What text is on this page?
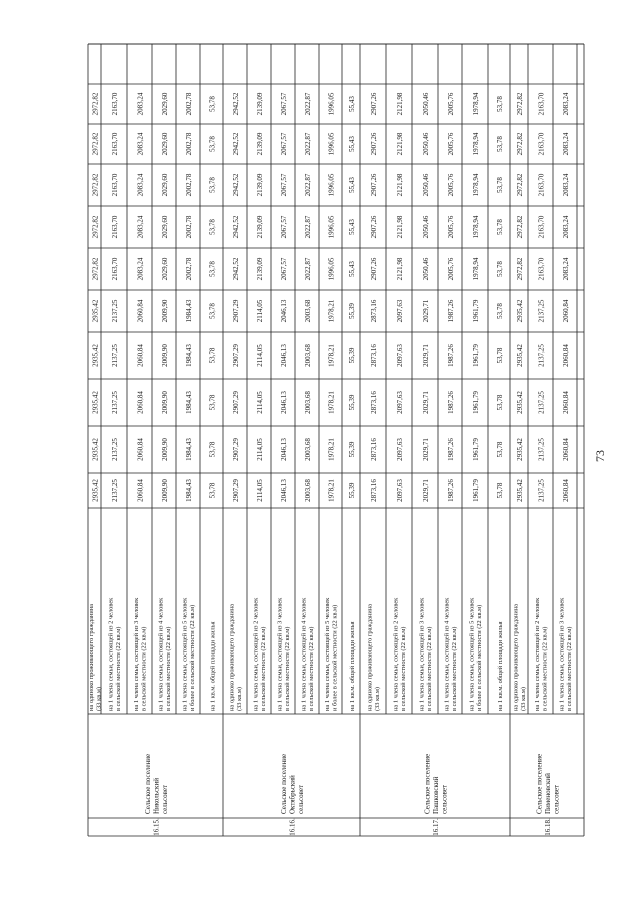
на одиноко проживающего гражданина (33 кв.м)
2935,42
2935,42
2935,42
2935,42
2935,42
2972,82
2972,82
2972,82
2972,82
2972,82
на 1 члена семьи, состоящей из 2 человек в сельской местности (22 кв.м)
2137,25
2137,25
2137,25
2137,25
2137,25
2163,70
2163,70
2163,70
2163,70
2163,70
на 1 члена семьи, состоящей из 3 человек в сельской местности (22 кв.м)
2060,84
2060,84
2060,84
2060,84
2060,84
2083,24
2083,24
2083,24
2083,24
2083,24
на 1 члена семьи, состоящей из 4 человек в сельской местности (22 кв.м)
2009,90
2009,90
2009,90
2009,90
2009,90
2029,60
2029,60
2029,60
2029,60
2029,60
на 1 члена семьи, состоящей из 5 человек и более в сельской местности (22 кв.м)
1984,43
1984,43
1984,43
1984,43
1984,43
2002,78
2002,78
2002,78
2002,78
2002,78
на 1 кв.м. общей площади жилья
53,78
53,78
53,78
53,78
53,78
53,78
53,78
53,78
53,78
53,78
на одиноко проживающего гражданина (33 кв.м)
2907,29
2907,29
2907,29
2907,29
2907,29
2942,52
2942,52
2942,52
2942,52
2942,52
на 1 члена семьи, состоящей из 2 человек в сельской местности (22 кв.м)
2114,05
2114,05
2114,05
2114,05
2114,05
2139,09
2139,09
2139,09
2139,09
2139,09
на 1 члена семьи, состоящей из 3 человек в сельской местности (22 кв.м)
2046,13
2046,13
2046,13
2046,13
2046,13
2067,57
2067,57
2067,57
2067,57
2067,57
на 1 члена семьи, состоящей из 4 человек в сельской местности (22 кв.м)
2003,68
2003,68
2003,68
2003,68
2003,68
2022,87
2022,87
2022,87
2022,87
2022,87
на 1 члена семьи, состоящей из 5 человек и более в сельской местности (22 кв.м)
1978,21
1978,21
1978,21
1978,21
1978,21
1996,05
1996,05
1996,05
1996,05
1996,05
на 1 кв.м. общей площади жилья
55,39
55,39
55,39
55,39
55,39
55,43
55,43
55,43
55,43
55,43
на одиноко проживающего гражданина (33 кв.м)
2873,16
2873,16
2873,16
2873,16
2873,16
2907,26
2907,26
2907,26
2907,26
2907,26
на 1 члена семьи, состоящей из 2 человек в сельской местности (22 кв.м)
2097,63
2097,63
2097,63
2097,63
2097,63
2121,98
2121,98
2121,98
2121,98
2121,98
на 1 члена семьи, состоящей из 3 человек в сельской местности (22 кв.м)
2029,71
2029,71
2029,71
2029,71
2029,71
2050,46
2050,46
2050,46
2050,46
2050,46
на 1 члена семьи, состоящей из 4 человек в сельской местности (22 кв.м)
1987,26
1987,26
1987,26
1987,26
1987,26
2005,76
2005,76
2005,76
2005,76
2005,76
на 1 члена семьи, состоящей из 5 человек и более в сельской местности (22 кв.м)
1961,79
1961,79
1961,79
1961,79
1961,79
1978,94
1978,94
1978,94
1978,94
1978,94
на 1 кв.м. общей площади жилья
53,78
53,78
53,78
53,78
53,78
53,78
53,78
53,78
53,78
53,78
на одиноко проживающего гражданина (33 кв.м)
2935,42
2935,42
2935,42
2935,42
2935,42
2972,82
2972,82
2972,82
2972,82
2972,82
на 1 члена семьи, состоящей из 2 человек в сельской местности (22 кв.м)
2137,25
2137,25
2137,25
2137,25
2137,25
2163,70
2163,70
2163,70
2163,70
2163,70
на 1 члена семьи, состоящей из 3 человек в сельской местности (22 кв.м)
2060,84
2060,84
2060,84
2060,84
2060,84
2083,24
2083,24
2083,24
2083,24
2083,24
16.15.
Сельское поселение Никольский сельсовет
16.16.
Сельское поселение Октябрьский сельсовет
16.17.
Сельское поселение Пашковский сельсовет
16.18.
Сельское поселение Пименовский сельсовет
73
